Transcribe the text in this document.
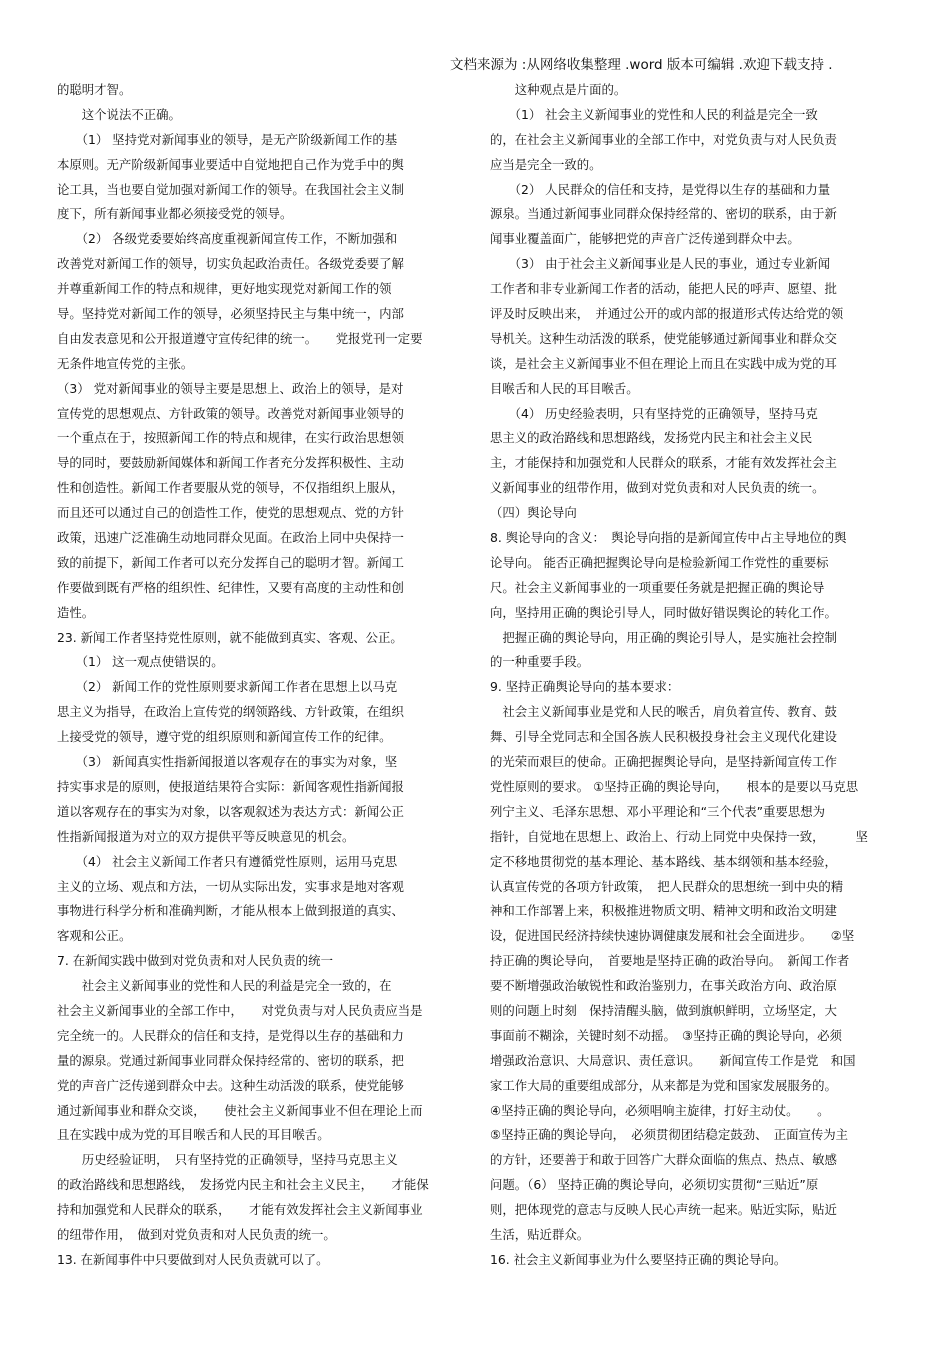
文档来源为 :从网络收集整理 .word 版本可编辑 .欢迎下载支持 .
的聪明才智。
　　这个说法不正确。
　　（1） 坚持党对新闻事业的领导，是无产阶级新闻工作的基
本原则。无产阶级新闻事业要适中自觉地把自己作为党手中的舆
论工具，当也要自觉加强对新闻工作的领导。在我国社会主义制
度下，所有新闻事业都必须接受党的领导。
　　（2） 各级党委要始终高度重视新闻宣传工作，不断加强和
改善党对新闻工作的领导，切实负起政治责任。各级党委要了解
并尊重新闻工作的特点和规律，更好地实现党对新闻工作的领
导。坚持党对新闻工作的领导，必须坚持民主与集中统一，内部
自由发表意见和公开报道遵守宣传纪律的统一。　　党报党刊一定要
无条件地宣传党的主张。
（3） 党对新闻事业的领导主要是思想上、政治上的领导，是对
宣传党的思想观点、方针政策的领导。改善党对新闻事业领导的
一个重点在于，按照新闻工作的特点和规律，在实行政治思想领
导的同时，要鼓励新闻媒体和新闻工作者充分发挥积极性、主动
性和创造性。新闻工作者要服从党的领导，不仅指组织上服从，
而且还可以通过自己的创造性工作，使党的思想观点、党的方针
政策，迅速广泛准确生动地同群众见面。在政治上同中央保持一
致的前提下，新闻工作者可以充分发挥自己的聪明才智。新闻工
作要做到既有严格的组织性、纪律性，又要有高度的主动性和创
造性。
23. 新闻工作者坚持党性原则，就不能做到真实、客观、公正。
　　（1） 这一观点使错误的。
　　（2） 新闻工作的党性原则要求新闻工作者在思想上以马克
思主义为指导，在政治上宣传党的纲领路线、方针政策，在组织
上接受党的领导，遵守党的组织原则和新闻宣传工作的纪律。
　　（3） 新闻真实性指新闻报道以客观存在的事实为对象，坚
持实事求是的原则，使报道结果符合实际：新闻客观性指新闻报
道以客观存在的事实为对象，以客观叙述为表达方式：新闻公正
性指新闻报道为对立的双方提供平等反映意见的机会。
　　（4） 社会主义新闻工作者只有遵循党性原则，运用马克思
主义的立场、观点和方法，一切从实际出发，实事求是地对客观
事物进行科学分析和准确判断，才能从根本上做到报道的真实、
客观和公正。
7. 在新闻实践中做到对党负责和对人民负责的统一
　　社会主义新闻事业的党性和人民的利益是完全一致的，在
社会主义新闻事业的全部工作中，　　对党负责与对人民负责应当是
完全统一的。人民群众的信任和支持，是党得以生存的基础和力
量的源泉。党通过新闻事业同群众保持经常的、密切的联系，把
党的声音广泛传递到群众中去。这种生动活泼的联系，使党能够
通过新闻事业和群众交谈，　　使社会主义新闻事业不但在理论上而
且在实践中成为党的耳目喉舌和人民的耳目喉舌。
　　历史经验证明，　只有坚持党的正确领导，坚持马克思主义
的政治路线和思想路线，　发扬党内民主和社会主义民主，　　才能保
持和加强党和人民群众的联系，　　才能有效发挥社会主义新闻事业
的纽带作用，　做到对党负责和对人民负责的统一。
13. 在新闻事件中只要做到对人民负责就可以了。
　　这种观点是片面的。
　　（1） 社会主义新闻事业的党性和人民的利益是完全一致
的，在社会主义新闻事业的全部工作中，对党负责与对人民负责
应当是完全一致的。
　　（2） 人民群众的信任和支持，是党得以生存的基础和力量
源泉。当通过新闻事业同群众保持经常的、密切的联系，由于新
闻事业覆盖面广，能够把党的声音广泛传递到群众中去。
　　（3） 由于社会主义新闻事业是人民的事业，通过专业新闻
工作者和非专业新闻工作者的活动，能把人民的呼声、愿望、批
评及时反映出来，　并通过公开的或内部的报道形式传达给党的领
导机关。这种生动活泼的联系，使党能够通过新闻事业和群众交
谈，是社会主义新闻事业不但在理论上而且在实践中成为党的耳
目喉舌和人民的耳目喉舌。
　　（4） 历史经验表明，只有坚持党的正确领导，坚持马克
思主义的政治路线和思想路线，发扬党内民主和社会主义民
主，才能保持和加强党和人民群众的联系，才能有效发挥社会主
义新闻事业的纽带作用，做到对党负责和对人民负责的统一。
（四）舆论导向
8. 舆论导向的含义：　舆论导向指的是新闻宣传中占主导地位的舆
论导向。 能否正确把握舆论导向是检验新闻工作党性的重要标
尺。社会主义新闻事业的一项重要任务就是把握正确的舆论导
向，坚持用正确的舆论引导人，同时做好错误舆论的转化工作。
　把握正确的舆论导向，用正确的舆论引导人，是实施社会控制
的一种重要手段。
9. 坚持正确舆论导向的基本要求：
　社会主义新闻事业是党和人民的喉舌，肩负着宣传、教育、鼓
舞、引导全党同志和全国各族人民积极投身社会主义现代化建设
的光荣而艰巨的使命。正确把握舆论导向，是坚持新闻宣传工作
党性原则的要求。 ①坚持正确的舆论导向，　　根本的是要以马克思
列宁主义、毛泽东思想、邓小平理论和“三个代表”重要思想为
指针，自觉地在思想上、政治上、行动上同党中央保持一致，　　　坚
定不移地贯彻党的基本理论、基本路线、基本纲领和基本经验，
认真宣传党的各项方针政策，　把人民群众的思想统一到中央的精
神和工作部署上来，积极推进物质文明、精神文明和政治文明建
设，促进国民经济持续快速协调健康发展和社会全面进步。　　②坚
持正确的舆论导向，　首要地是坚持正确的政治导向。　新闻工作者
要不断增强政治敏锐性和政治鉴别力，在事关政治方向、政治原
则的问题上时刻　保持清醒头脑，做到旗帜鲜明，立场坚定，大
事面前不糊涂，关键时刻不动摇。　③坚持正确的舆论导向，必须
增强政治意识、大局意识、责任意识。　　新闻宣传工作是党　和国
家工作大局的重要组成部分，从来都是为党和国家发展服务的。
④坚持正确的舆论导向，必须唱响主旋律，打好主动仗。　　。
⑤坚持正确的舆论导向，　必须贯彻团结稳定鼓劲、　正面宣传为主
的方针，还要善于和敢于回答广大群众面临的焦点、热点、敏感
问题。（6） 坚持正确的舆论导向，必须切实贯彻“三贴近”原
则，把体现党的意志与反映人民心声统一起来。贴近实际，贴近
生活，贴近群众。
16. 社会主义新闻事业为什么要坚持正确的舆论导向。
